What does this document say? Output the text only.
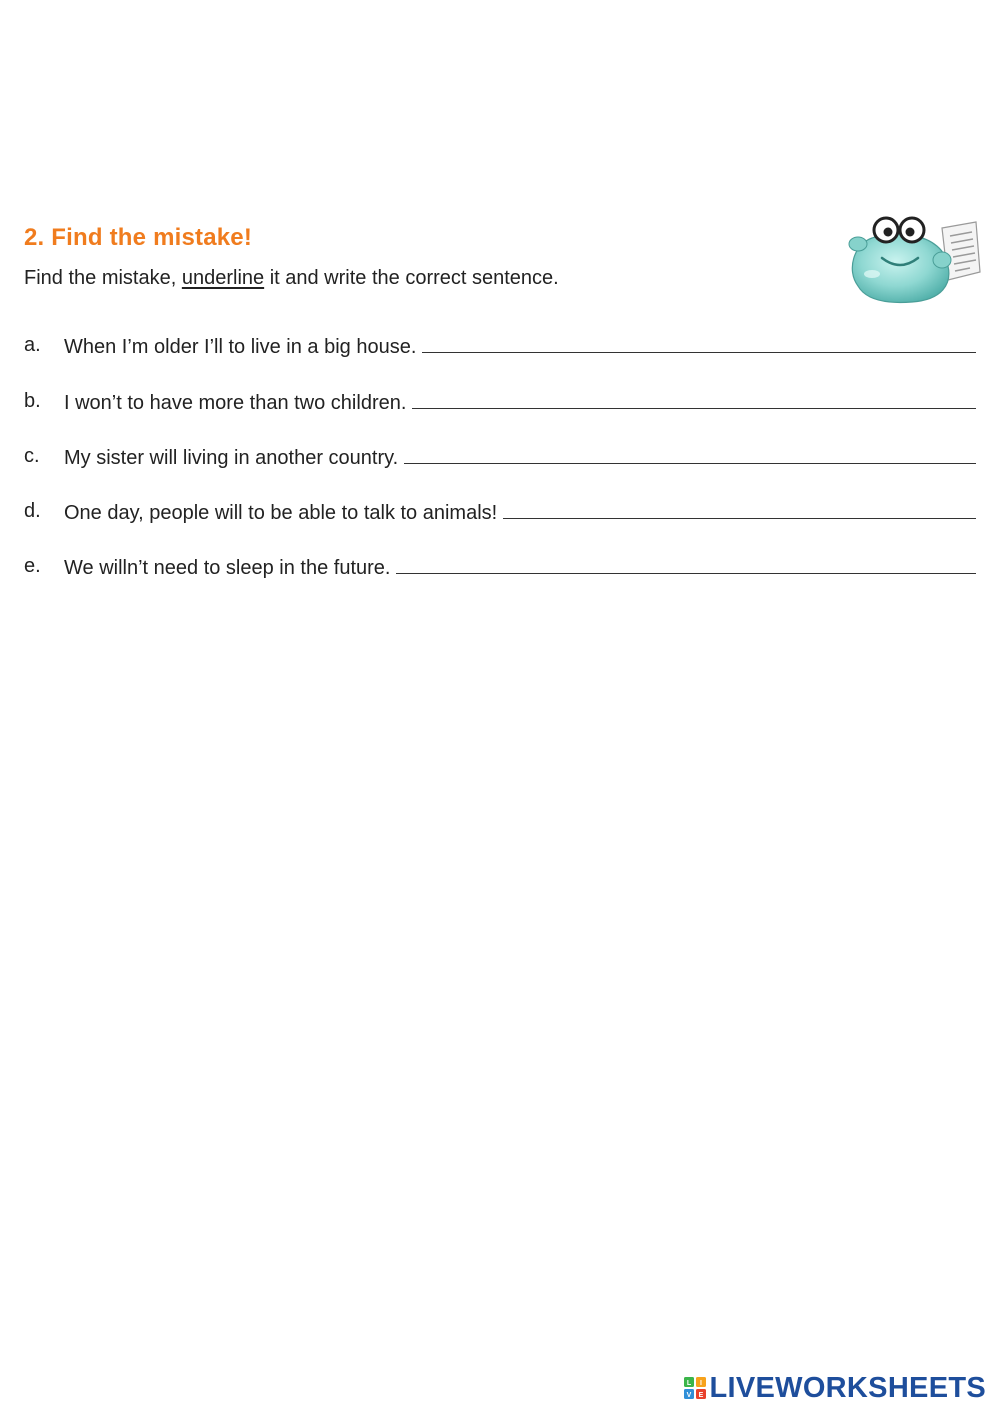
2. Find the mistake!

Find the mistake, underline it and write the correct sentence.

a. When I’m older I’ll to live in a big house.
b. I won’t to have more than two children.
c. My sister will living in another country.
d. One day, people will to be able to talk to animals!
e. We willn’t need to sleep in the future.
L I
V E LIVEWORKSHEETS
